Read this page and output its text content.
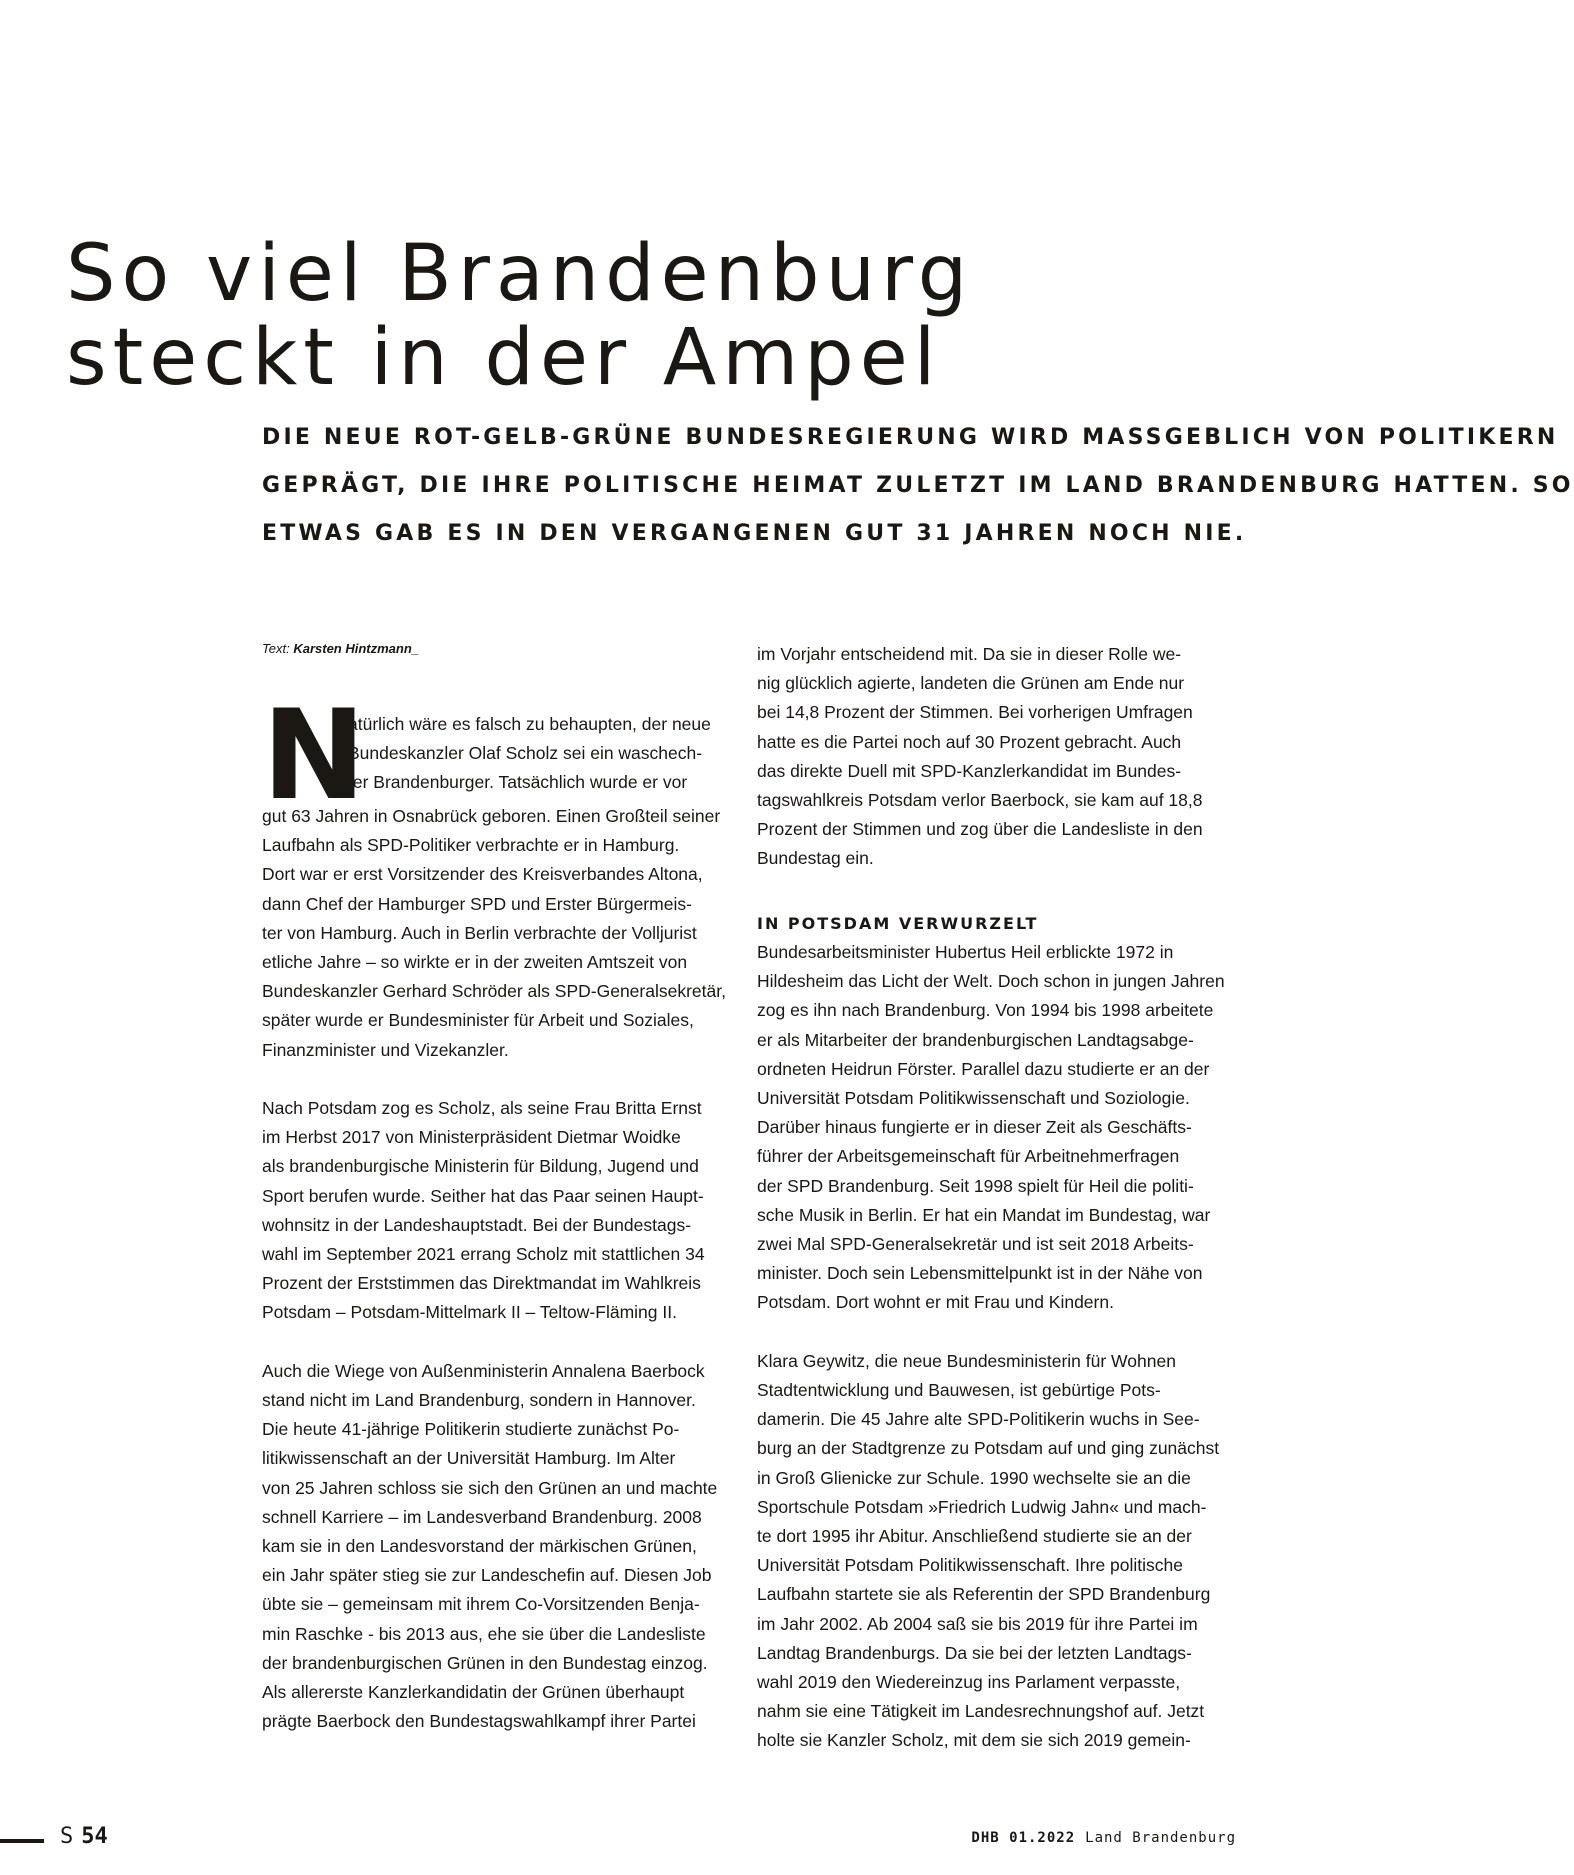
So viel Brandenburg
steckt in der Ampel
DIE NEUE ROT-GELB-GRÜNE BUNDESREGIERUNG WIRD MASSGEBLICH VON POLITIKERN
GEPRÄGT, DIE IHRE POLITISCHE HEIMAT ZULETZT IM LAND BRANDENBURG HATTEN. SO
ETWAS GAB ES IN DEN VERGANGENEN GUT 31 JAHREN NOCH NIE.
Text: Karsten Hintzmann_
N
atürlich wäre es falsch zu behaupten, der neue
Bundeskanzler Olaf Scholz sei ein waschech-
ter Brandenburger. Tatsächlich wurde er vor
gut 63 Jahren in Osnabrück geboren. Einen Großteil seiner
Laufbahn als SPD-Politiker verbrachte er in Hamburg.
Dort war er erst Vorsitzender des Kreisverbandes Altona,
dann Chef der Hamburger SPD und Erster Bürgermeis-
ter von Hamburg. Auch in Berlin verbrachte der Volljurist
etliche Jahre – so wirkte er in der zweiten Amtszeit von
Bundeskanzler Gerhard Schröder als SPD-Generalsekretär,
später wurde er Bundesminister für Arbeit und Soziales,
Finanzminister und Vizekanzler.
Nach Potsdam zog es Scholz, als seine Frau Britta Ernst
im Herbst 2017 von Ministerpräsident Dietmar Woidke
als brandenburgische Ministerin für Bildung, Jugend und
Sport berufen wurde. Seither hat das Paar seinen Haupt-
wohnsitz in der Landeshauptstadt. Bei der Bundestags-
wahl im September 2021 errang Scholz mit stattlichen 34
Prozent der Erststimmen das Direktmandat im Wahlkreis
Potsdam – Potsdam-Mittelmark II – Teltow-Fläming II.
Auch die Wiege von Außenministerin Annalena Baerbock
stand nicht im Land Brandenburg, sondern in Hannover.
Die heute 41-jährige Politikerin studierte zunächst Po-
litikwissenschaft an der Universität Hamburg. Im Alter
von 25 Jahren schloss sie sich den Grünen an und machte
schnell Karriere – im Landesverband Brandenburg. 2008
kam sie in den Landesvorstand der märkischen Grünen,
ein Jahr später stieg sie zur Landeschefin auf. Diesen Job
übte sie – gemeinsam mit ihrem Co-Vorsitzenden Benja-
min Raschke - bis 2013 aus, ehe sie über die Landesliste
der brandenburgischen Grünen in den Bundestag einzog.
Als allererste Kanzlerkandidatin der Grünen überhaupt
prägte Baerbock den Bundestagswahlkampf ihrer Partei
im Vorjahr entscheidend mit. Da sie in dieser Rolle we-
nig glücklich agierte, landeten die Grünen am Ende nur
bei 14,8 Prozent der Stimmen. Bei vorherigen Umfragen
hatte es die Partei noch auf 30 Prozent gebracht. Auch
das direkte Duell mit SPD-Kanzlerkandidat im Bundes-
tagswahlkreis Potsdam verlor Baerbock, sie kam auf 18,8
Prozent der Stimmen und zog über die Landesliste in den
Bundestag ein.
IN POTSDAM VERWURZELT
Bundesarbeitsminister Hubertus Heil erblickte 1972 in
Hildesheim das Licht der Welt. Doch schon in jungen Jahren
zog es ihn nach Brandenburg. Von 1994 bis 1998 arbeitete
er als Mitarbeiter der brandenburgischen Landtagsabge-
ordneten Heidrun Förster. Parallel dazu studierte er an der
Universität Potsdam Politikwissenschaft und Soziologie.
Darüber hinaus fungierte er in dieser Zeit als Geschäfts-
führer der Arbeitsgemeinschaft für Arbeitnehmerfragen
der SPD Brandenburg. Seit 1998 spielt für Heil die politi-
sche Musik in Berlin. Er hat ein Mandat im Bundestag, war
zwei Mal SPD-Generalsekretär und ist seit 2018 Arbeits-
minister. Doch sein Lebensmittelpunkt ist in der Nähe von
Potsdam. Dort wohnt er mit Frau und Kindern.
Klara Geywitz, die neue Bundesministerin für Wohnen
Stadtentwicklung und Bauwesen, ist gebürtige Pots-
damerin. Die 45 Jahre alte SPD-Politikerin wuchs in See-
burg an der Stadtgrenze zu Potsdam auf und ging zunächst
in Groß Glienicke zur Schule. 1990 wechselte sie an die
Sportschule Potsdam »Friedrich Ludwig Jahn« und mach-
te dort 1995 ihr Abitur. Anschließend studierte sie an der
Universität Potsdam Politikwissenschaft. Ihre politische
Laufbahn startete sie als Referentin der SPD Brandenburg
im Jahr 2002. Ab 2004 saß sie bis 2019 für ihre Partei im
Landtag Brandenburgs. Da sie bei der letzten Landtags-
wahl 2019 den Wiedereinzug ins Parlament verpasste,
nahm sie eine Tätigkeit im Landesrechnungshof auf. Jetzt
holte sie Kanzler Scholz, mit dem sie sich 2019 gemein-
S 54	DHB 01.2022 Land Brandenburg
